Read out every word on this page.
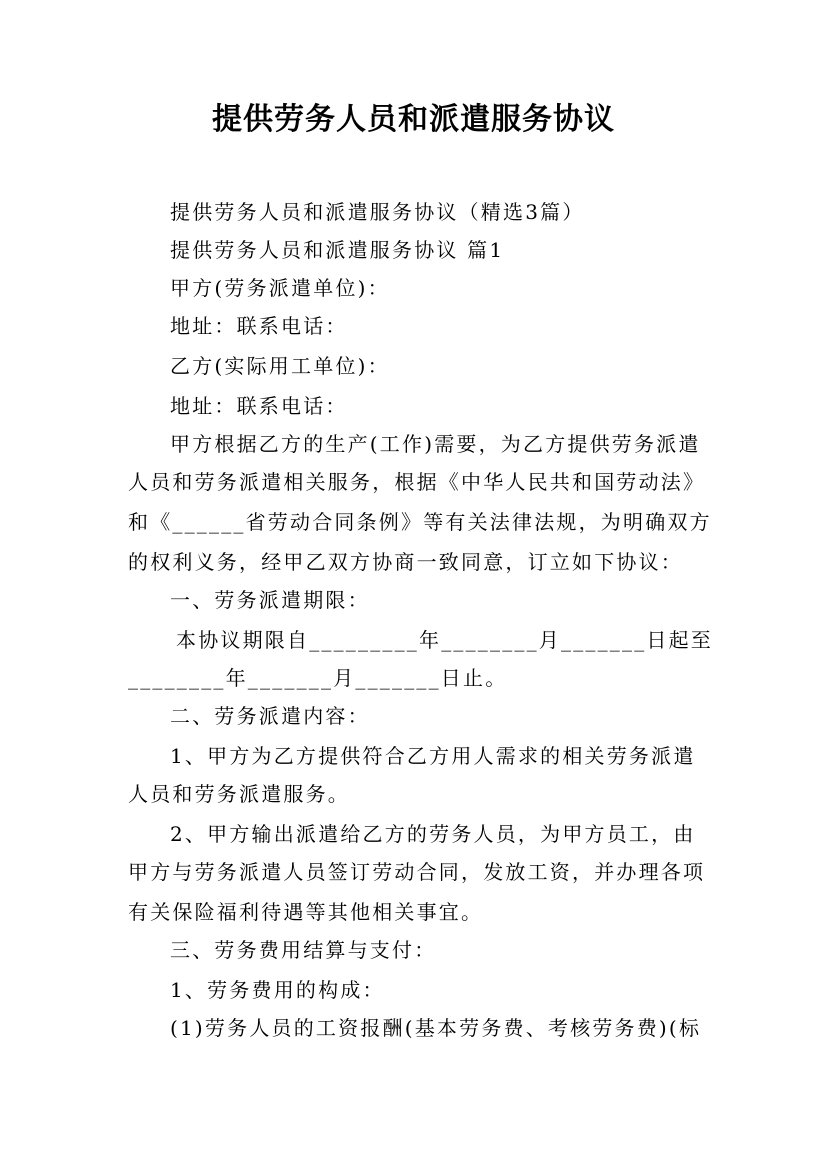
提供劳务人员和派遣服务协议
提供劳务人员和派遣服务协议（精选3篇）
提供劳务人员和派遣服务协议 篇1
甲方(劳务派遣单位)：
地址：联系电话：
乙方(实际用工单位)：
地址：联系电话：
甲方根据乙方的生产(工作)需要，为乙方提供劳务派遣
人员和劳务派遣相关服务，根据《中华人民共和国劳动法》
和《______省劳动合同条例》等有关法律法规，为明确双方
的权利义务，经甲乙双方协商一致同意，订立如下协议：
一、劳务派遣期限：
本协议期限自_________年________月_______日起至
________年_______月_______日止。
二、劳务派遣内容：
1、甲方为乙方提供符合乙方用人需求的相关劳务派遣
人员和劳务派遣服务。
2、甲方输出派遣给乙方的劳务人员，为甲方员工，由
甲方与劳务派遣人员签订劳动合同，发放工资，并办理各项
有关保险福利待遇等其他相关事宜。
三、劳务费用结算与支付：
1、劳务费用的构成：
(1)劳务人员的工资报酬(基本劳务费、考核劳务费)(标
